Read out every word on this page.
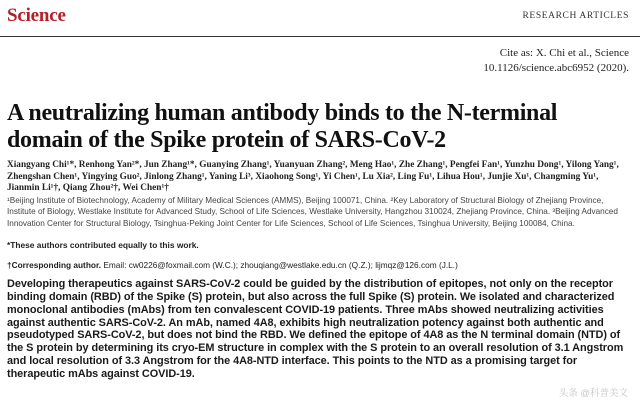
Science	RESEARCH ARTICLES
Cite as: X. Chi et al., Science
10.1126/science.abc6952 (2020).
A neutralizing human antibody binds to the N-terminal domain of the Spike protein of SARS-CoV-2
Xiangyang Chi¹*, Renhong Yan²*, Jun Zhang¹*, Guanying Zhang¹, Yuanyuan Zhang², Meng Hao¹, Zhe Zhang¹, Pengfei Fan¹, Yunzhu Dong¹, Yilong Yang¹, Zhengshan Chen¹, Yingying Guo², Jinlong Zhang¹, Yaning Li³, Xiaohong Song¹, Yi Chen¹, Lu Xia², Ling Fu¹, Lihua Hou¹, Junjie Xu¹, Changming Yu¹, Jianmin Li¹†, Qiang Zhou²†, Wei Chen¹†
¹Beijing Institute of Biotechnology, Academy of Military Medical Sciences (AMMS), Beijing 100071, China. ²Key Laboratory of Structural Biology of Zhejiang Province, Institute of Biology, Westlake Institute for Advanced Study, School of Life Sciences, Westlake University, Hangzhou 310024, Zhejiang Province, China. ³Beijing Advanced Innovation Center for Structural Biology, Tsinghua-Peking Joint Center for Life Sciences, School of Life Sciences, Tsinghua University, Beijing 100084, China.
*These authors contributed equally to this work.
†Corresponding author. Email: cw0226@foxmail.com (W.C.); zhouqiang@westlake.edu.cn (Q.Z.); lijmqz@126.com (J.L.)
Developing therapeutics against SARS-CoV-2 could be guided by the distribution of epitopes, not only on the receptor binding domain (RBD) of the Spike (S) protein, but also across the full Spike (S) protein. We isolated and characterized monoclonal antibodies (mAbs) from ten convalescent COVID-19 patients. Three mAbs showed neutralizing activities against authentic SARS-CoV-2. An mAb, named 4A8, exhibits high neutralization potency against both authentic and pseudotyped SARS-CoV-2, but does not bind the RBD. We defined the epitope of 4A8 as the N terminal domain (NTD) of the S protein by determining its cryo-EM structure in complex with the S protein to an overall resolution of 3.1 Angstrom and local resolution of 3.3 Angstrom for the 4A8-NTD interface. This points to the NTD as a promising target for therapeutic mAbs against COVID-19.
头条 @科普美文
